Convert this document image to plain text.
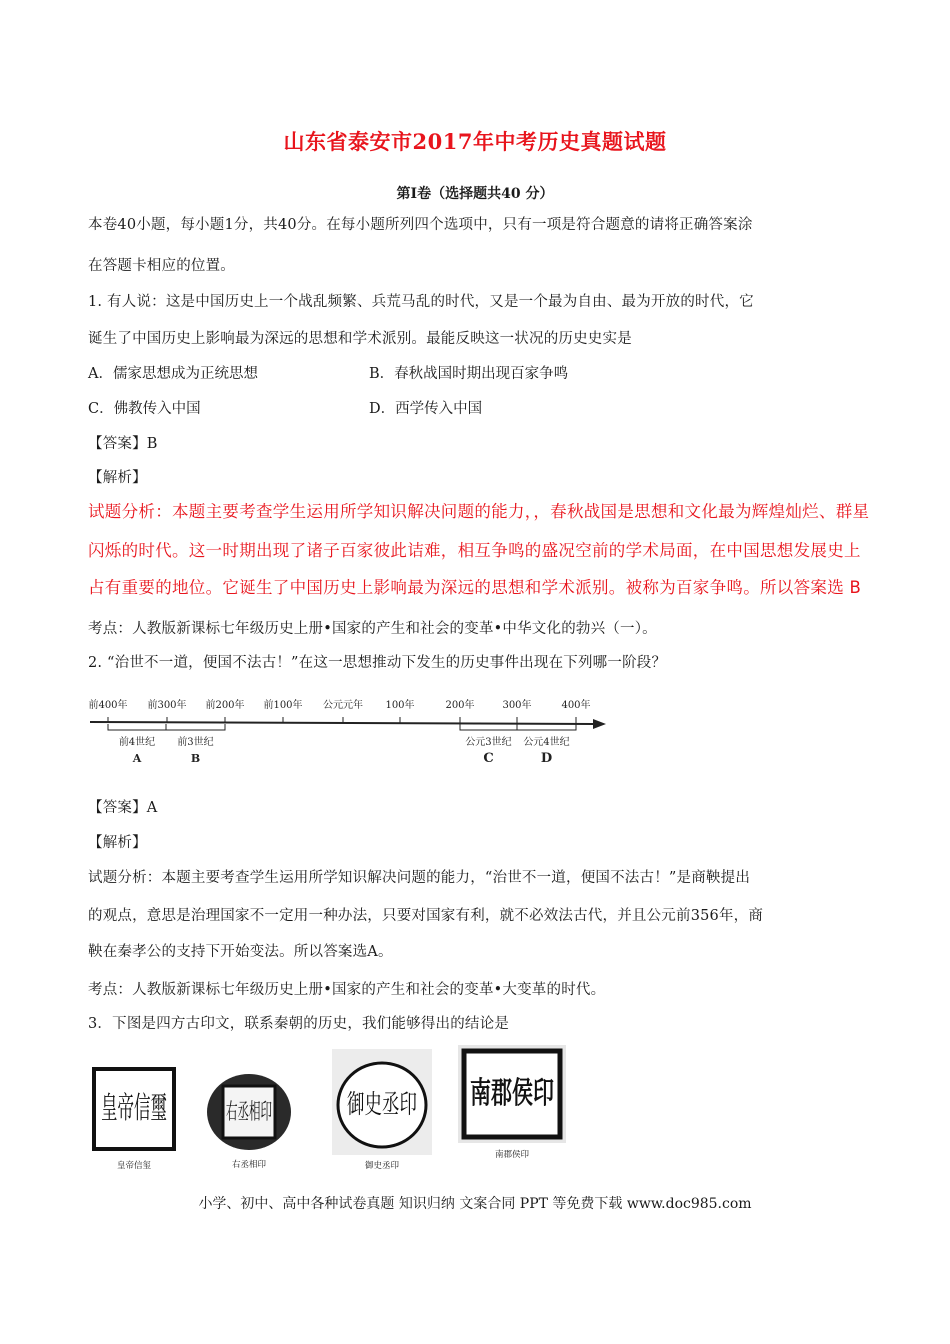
山东省泰安市2017年中考历史真题试题
第Ⅰ卷（选择题共40 分）
本卷40小题，每小题1分，共40分。在每小题所列四个选项中，只有一项是符合题意的请将正确答案涂
在答题卡相应的位置。
1. 有人说：这是中国历史上一个战乱频繁、兵荒马乱的时代，又是一个最为自由、最为开放的时代，它
诞生了中国历史上影响最为深远的思想和学术派别。最能反映这一状况的历史史实是
A．儒家思想成为正统思想	B．春秋战国时期出现百家争鸣
C．佛教传入中国	D．西学传入中国
【答案】B
【解析】
试题分析：本题主要考查学生运用所学知识解决问题的能力，，春秋战国是思想和文化最为辉煌灿烂、群星
闪烁的时代。这一时期出现了诸子百家彼此诘难，相互争鸣的盛况空前的学术局面，在中国思想发展史上
占有重要的地位。它诞生了中国历史上影响最为深远的思想和学术派别。被称为百家争鸣。所以答案选 B
考点：人教版新课标七年级历史上册•国家的产生和社会的变革•中华文化的勃兴（一）。
2. “治世不一道，便国不法古！”在这一思想推动下发生的历史事件出现在下列哪一阶段？
前400年 前300年 前200年 前100年 公元元年 100年	200年	300年	400年
前4世纪
A
前3世纪
B
公元3世纪
C
公元4世纪
D
【答案】A
【解析】
试题分析：本题主要考查学生运用所学知识解决问题的能力，“治世不一道，便国不法古！”是商鞅提出
的观点，意思是治理国家不一定用一种办法，只要对国家有利，就不必效法古代，并且公元前356年，商
鞅在秦孝公的支持下开始变法。所以答案选A。
考点：人教版新课标七年级历史上册•国家的产生和社会的变革•大变革的时代。
3．下图是四方古印文，联系秦朝的历史，我们能够得出的结论是
皇帝信璽
皇帝信玺
右丞相印
右丞相印
御史丞印
御史丞印
南郡侯印
南郡侯印
小学、初中、高中各种试卷真题 知识归纳 文案合同 PPT 等免费下载 www.doc985.com
